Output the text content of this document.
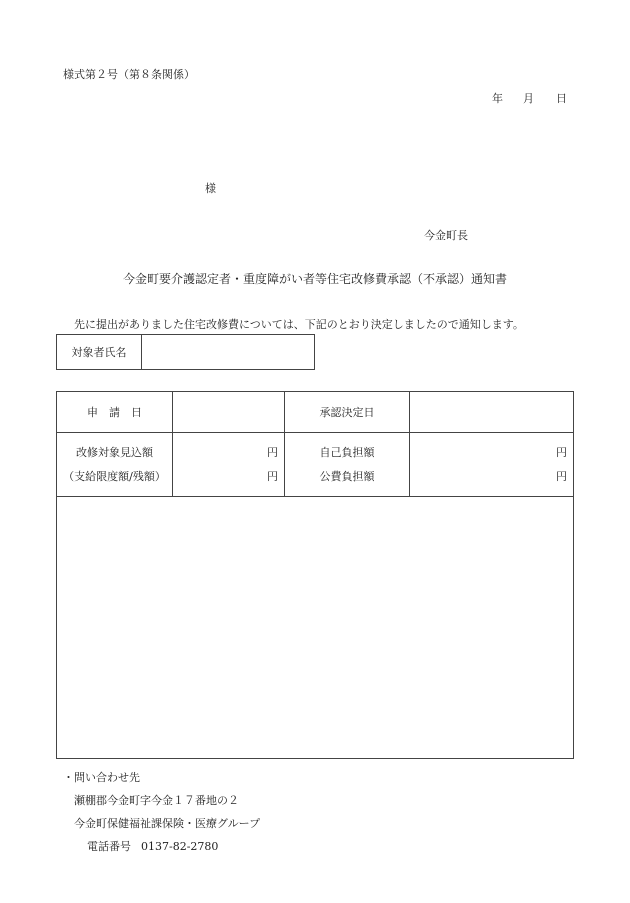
様式第２号（第８条関係）
年 月 日
様
今金町長
今金町要介護認定者・重度障がい者等住宅改修費承認（不承認）通知書
先に提出がありました住宅改修費については、下記のとおり決定しましたので通知します。
対象者氏名
申　請　日	承認決定日
改修対象見込額
（支給限度額/残額）
円
円
自己負担額
公費負担額
円
円
・問い合わせ先
瀬棚郡今金町字今金１７番地の２
今金町保健福祉課保険・医療グループ
電話番号 0137-82-2780
